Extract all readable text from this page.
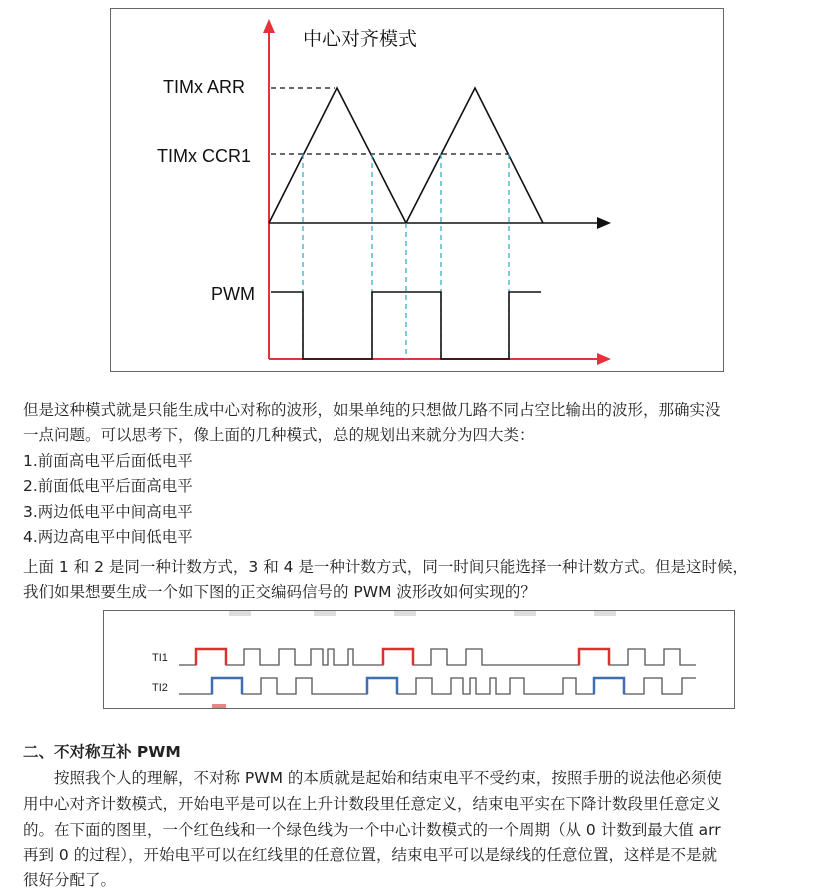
中心对齐模式
TIMx ARR
TIMx CCR1
PWM
但是这种模式就是只能生成中心对称的波形，如果单纯的只想做几路不同占空比输出的波形，那确实没
一点问题。可以思考下，像上面的几种模式，总的规划出来就分为四大类：
1.前面高电平后面低电平
2.前面低电平后面高电平
3.两边低电平中间高电平
4.两边高电平中间低电平
上面 1 和 2 是同一种计数方式，3 和 4 是一种计数方式，同一时间只能选择一种计数方式。但是这时候，
我们如果想要生成一个如下图的正交编码信号的 PWM 波形改如何实现的？
TI1
TI2
二、不对称互补 PWM
按照我个人的理解，不对称 PWM 的本质就是起始和结束电平不受约束，按照手册的说法他必须使
用中心对齐计数模式，开始电平是可以在上升计数段里任意定义，结束电平实在下降计数段里任意定义
的。在下面的图里，一个红色线和一个绿色线为一个中心计数模式的一个周期（从 0 计数到最大值 arr
再到 0 的过程），开始电平可以在红线里的任意位置，结束电平可以是绿线的任意位置，这样是不是就
很好分配了。
